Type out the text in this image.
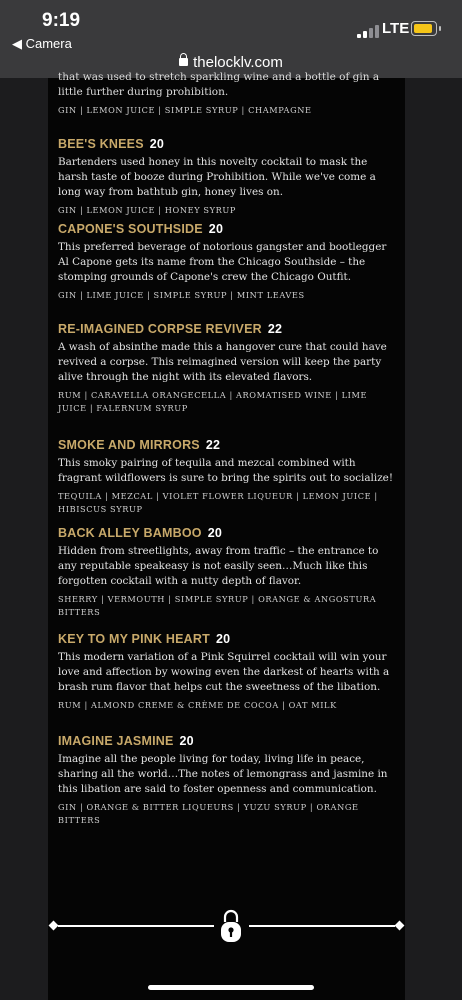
9:19
◀ Camera
LTE
thelocklv.com
that was used to stretch sparkling wine and a bottle of gin a little further during prohibition.
GIN | LEMON JUICE | SIMPLE SYRUP | CHAMPAGNE
BEE'S KNEES 20
Bartenders used honey in this novelty cocktail to mask the harsh taste of booze during Prohibition. While we've come a long way from bathtub gin, honey lives on.
GIN | LEMON JUICE | HONEY SYRUP
CAPONE'S SOUTHSIDE 20
This preferred beverage of notorious gangster and bootlegger Al Capone gets its name from the Chicago Southside – the stomping grounds of Capone's crew the Chicago Outfit.
GIN | LIME JUICE | SIMPLE SYRUP | MINT LEAVES
RE-IMAGINED CORPSE REVIVER 22
A wash of absinthe made this a hangover cure that could have revived a corpse. This reimagined version will keep the party alive through the night with its elevated flavors.
RUM | CARAVELLA ORANGECELLA | AROMATISED WINE | LIME JUICE | FALERNUM SYRUP
SMOKE AND MIRRORS 22
This smoky pairing of tequila and mezcal combined with fragrant wildflowers is sure to bring the spirits out to socialize!
TEQUILA | MEZCAL | VIOLET FLOWER LIQUEUR | LEMON JUICE | HIBISCUS SYRUP
BACK ALLEY BAMBOO 20
Hidden from streetlights, away from traffic – the entrance to any reputable speakeasy is not easily seen…Much like this forgotten cocktail with a nutty depth of flavor.
SHERRY | VERMOUTH | SIMPLE SYRUP | ORANGE & ANGOSTURA BITTERS
KEY TO MY PINK HEART 20
This modern variation of a Pink Squirrel cocktail will win your love and affection by wowing even the darkest of hearts with a brash rum flavor that helps cut the sweetness of the libation.
RUM | ALMOND CREME & CRÈME DE COCOA | OAT MILK
IMAGINE JASMINE 20
Imagine all the people living for today, living life in peace, sharing all the world…The notes of lemongrass and jasmine in this libation are said to foster openness and communication.
GIN | ORANGE & BITTER LIQUEURS | YUZU SYRUP | ORANGE BITTERS
